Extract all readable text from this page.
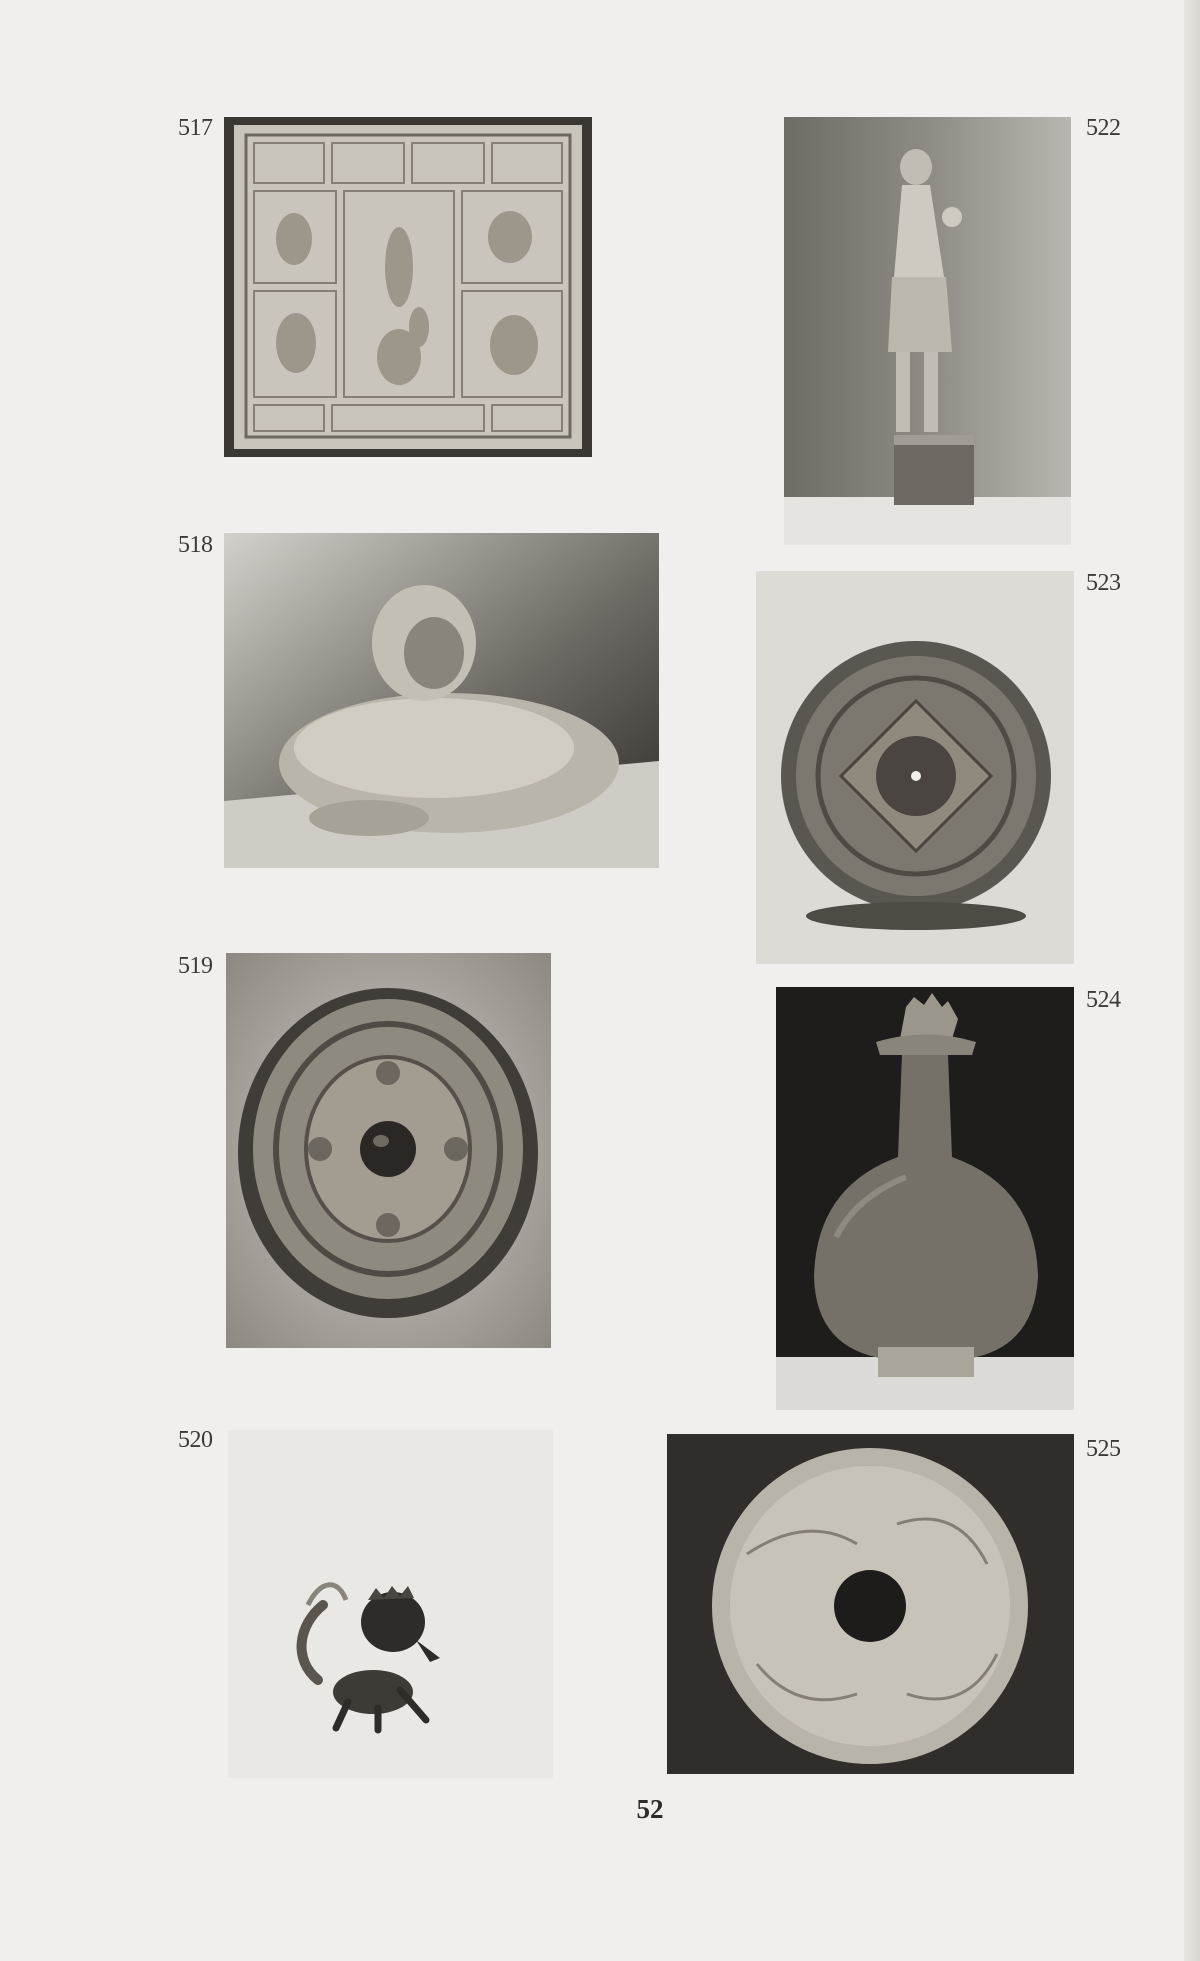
517
518
519
520
522
523
524
525
52
